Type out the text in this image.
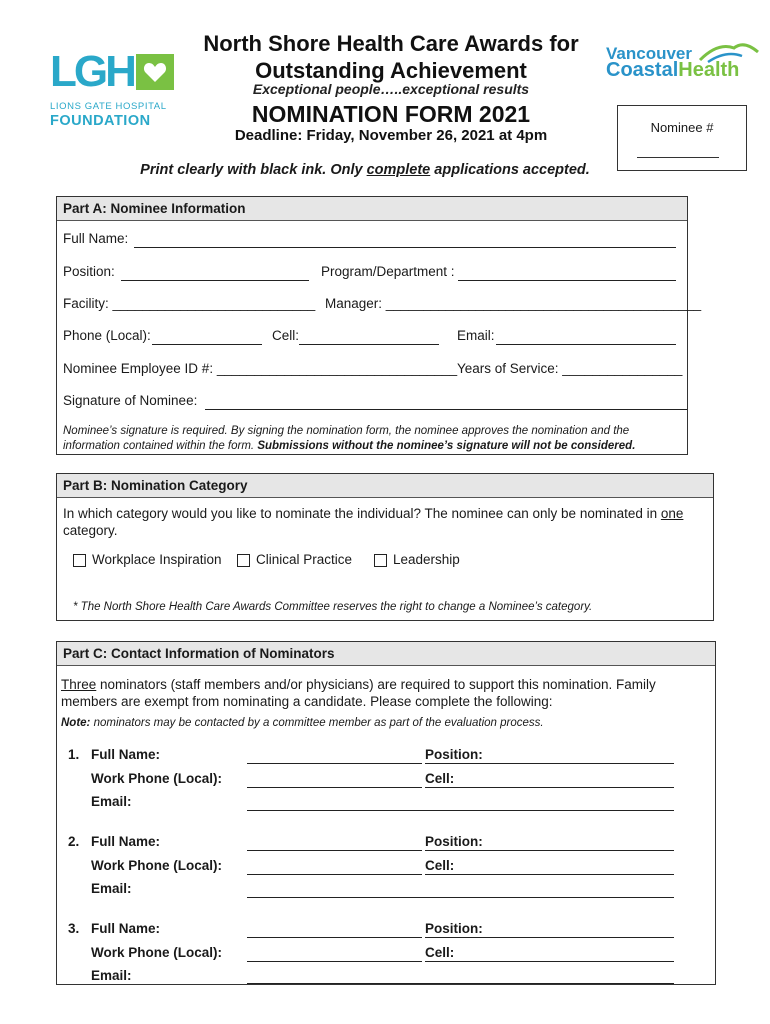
LGH
LIONS GATE HOSPITAL
FOUNDATION
North Shore Health Care Awards for Outstanding Achievement
Exceptional people…..exceptional results
NOMINATION FORM 2021
Deadline: Friday, November 26, 2021 at 4pm
Vancouver
CoastalHealth
Nominee #
Print clearly with black ink. Only complete applications accepted.
Part A: Nominee Information
Full Name:
Position:	Program/Department :
Facility: ___________________________ Manager: __________________________________________
Phone (Local):	Cell:	Email:
Nominee Employee ID #: ________________________________ Years of Service: ________________
Signature of Nominee:
Nominee’s signature is required. By signing the nomination form, the nominee approves the nomination and the
information contained within the form. Submissions without the nominee’s signature will not be considered.
Part B: Nomination Category
In which category would you like to nominate the individual? The nominee can only be nominated in one
category.
Workplace Inspiration	Clinical Practice	Leadership
* The North Shore Health Care Awards Committee reserves the right to change a Nominee’s category.
Part C: Contact Information of Nominators
Three nominators (staff members and/or physicians) are required to support this nomination. Family
members are exempt from nominating a candidate. Please complete the following:
Note: nominators may be contacted by a committee member as part of the evaluation process.
1. Full Name:	Position:
Work Phone (Local):	Cell:
Email:
2. Full Name:	Position:
Work Phone (Local):	Cell:
Email:
3. Full Name:	Position:
Work Phone (Local):	Cell:
Email:
